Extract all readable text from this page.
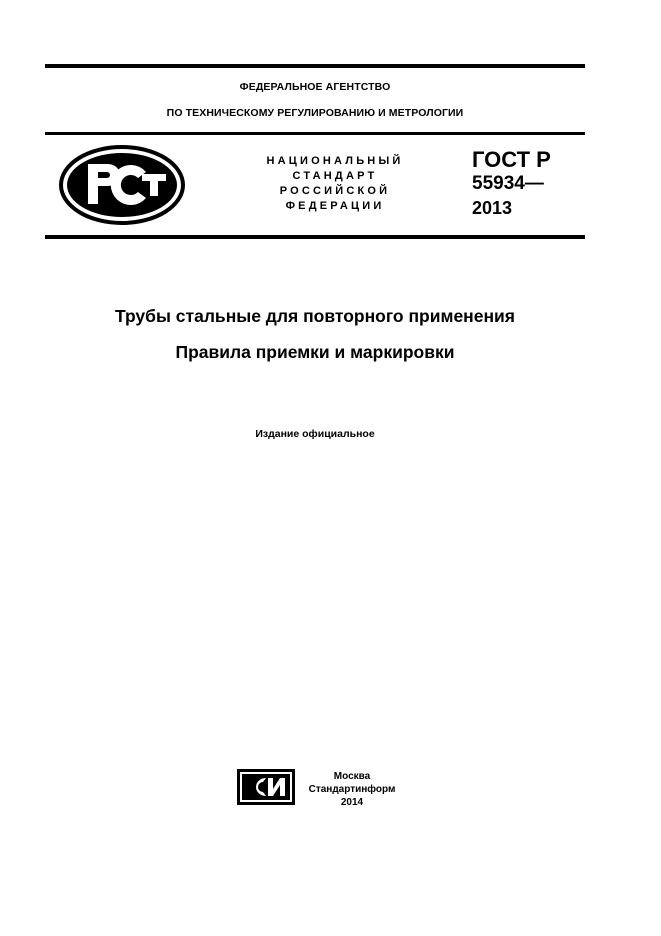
ФЕДЕРАЛЬНОЕ АГЕНТСТВО
ПО ТЕХНИЧЕСКОМУ РЕГУЛИРОВАНИЮ И МЕТРОЛОГИИ
НАЦИОНАЛЬНЫЙ
СТАНДАРТ
РОССИЙСКОЙ
ФЕДЕРАЦИИ
ГОСТ Р
55934—
2013
Трубы стальные для повторного применения
Правила приемки и маркировки
Издание официальное
Москва
Стандартинформ
2014
